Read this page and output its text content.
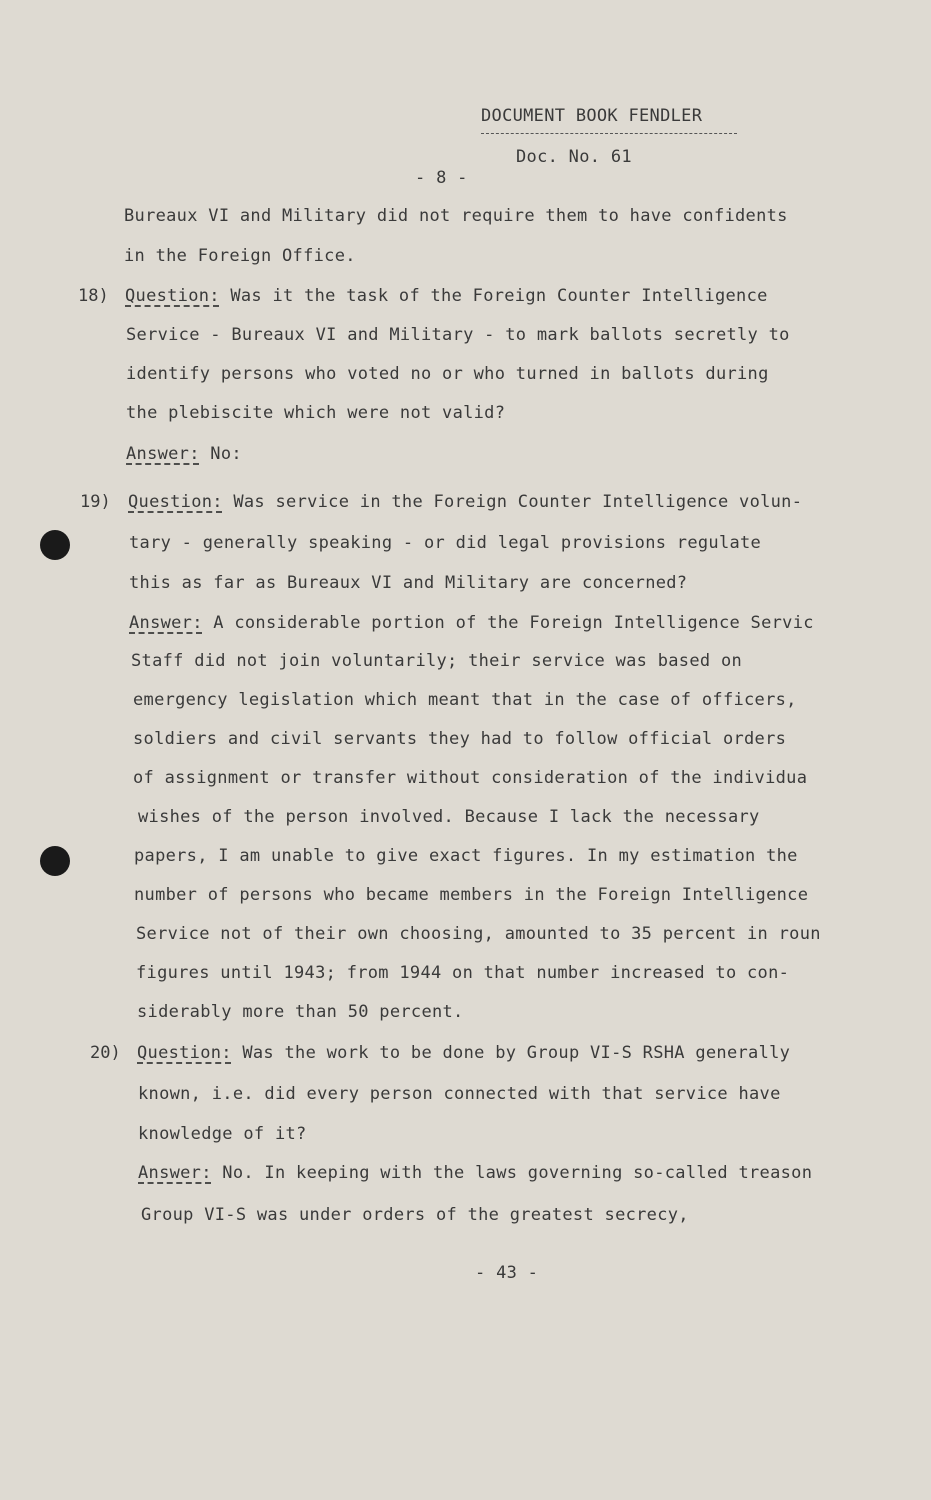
DOCUMENT BOOK FENDLER
Doc. No. 61
- 8 -
Bureaux VI and Military did not require them to have confidents
in the Foreign Office.
18) Question: Was it the task of the Foreign Counter Intelligence
Service - Bureaux VI and Military - to mark ballots secretly to
identify persons who voted no or who turned in ballots during
the plebiscite which were not valid?
Answer: No:
19) Question: Was service in the Foreign Counter Intelligence volun-
tary - generally speaking - or did legal provisions regulate
this as far as Bureaux VI and Military are concerned?
Answer: A considerable portion of the Foreign Intelligence Servic
Staff did not join voluntarily; their service was based on
emergency legislation which meant that in the case of officers,
soldiers and civil servants they had to follow official orders
of assignment or transfer without consideration of the individua
wishes of the person involved. Because I lack the necessary
papers, I am unable to give exact figures. In my estimation the
number of persons who became members in the Foreign Intelligence
Service not of their own choosing, amounted to 35 percent in roun
figures until 1943; from 1944 on that number increased to con-
siderably more than 50 percent.
20) Question: Was the work to be done by Group VI-S RSHA generally
known, i.e. did every person connected with that service have
knowledge of it?
Answer: No. In keeping with the laws governing so-called treason
Group VI-S was under orders of the greatest secrecy,
- 43 -
